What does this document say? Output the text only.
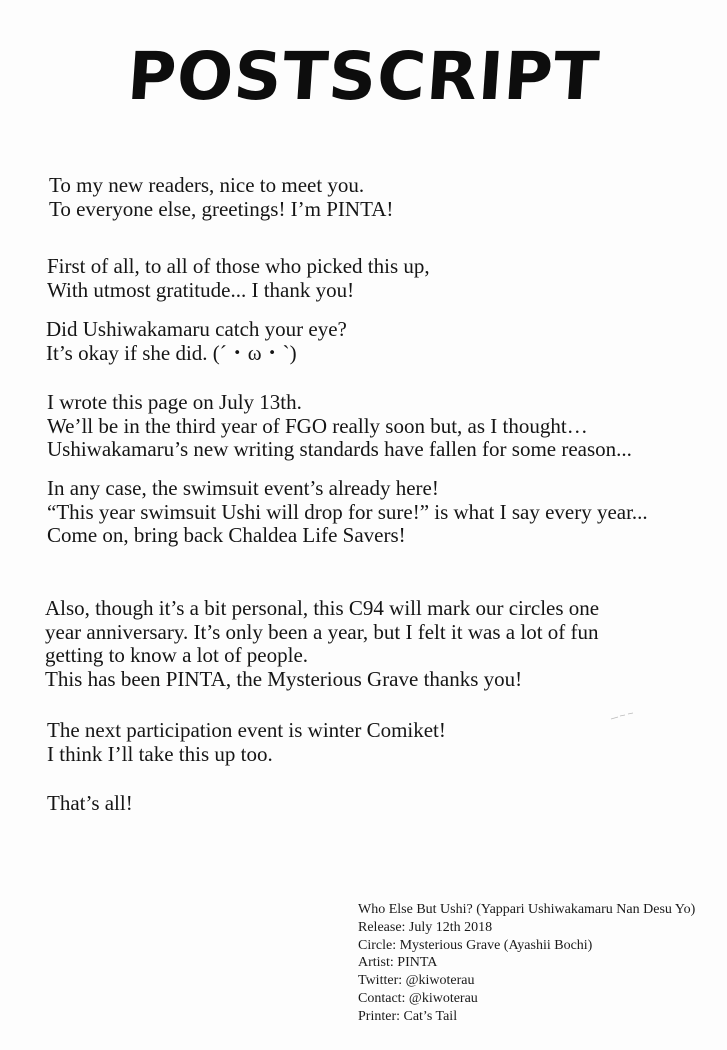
POSTSCRIPT
To my new readers, nice to meet you.
To everyone else, greetings! I’m PINTA!
First of all, to all of those who picked this up,
With utmost gratitude... I thank you!
Did Ushiwakamaru catch your eye?
It’s okay if she did. (´・ω・`)
I wrote this page on July 13th.
We’ll be in the third year of FGO really soon but, as I thought…
Ushiwakamaru’s new writing standards have fallen for some reason...
In any case, the swimsuit event’s already here!
“This year swimsuit Ushi will drop for sure!” is what I say every year...
Come on, bring back Chaldea Life Savers!
Also, though it’s a bit personal, this C94 will mark our circles one
year anniversary. It’s only been a year, but I felt it was a lot of fun
getting to know a lot of people.
This has been PINTA, the Mysterious Grave thanks you!
The next participation event is winter Comiket!
I think I’ll take this up too.
That’s all!
Who Else But Ushi? (Yappari Ushiwakamaru Nan Desu Yo)
Release: July 12th 2018
Circle: Mysterious Grave (Ayashii Bochi)
Artist: PINTA
Twitter: @kiwoterau
Contact: @kiwoterau
Printer: Cat’s Tail
